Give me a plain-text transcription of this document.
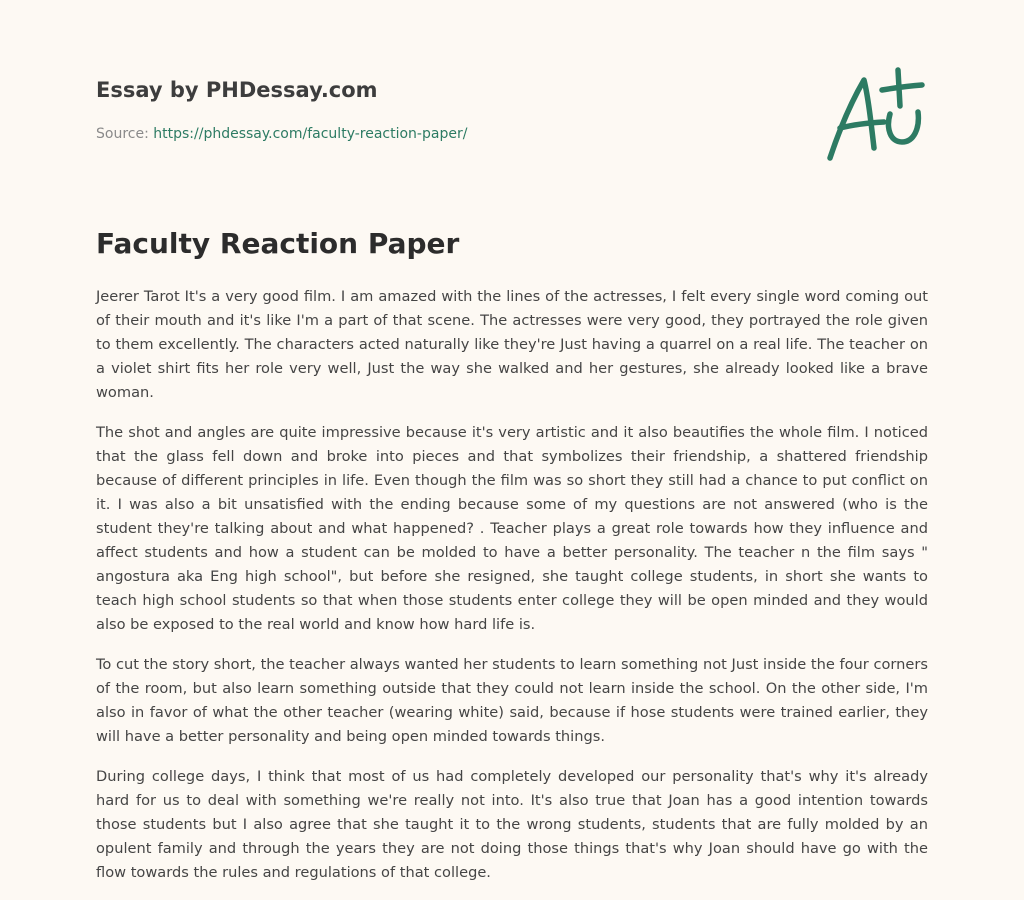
Essay by PHDessay.com

Source: https://phdessay.com/faculty-reaction-paper/
Faculty Reaction Paper

Jeerer Tarot It's a very good film. I am amazed with the lines of the actresses, I felt every single word coming out of their mouth and it's like I'm a part of that scene. The actresses were very good, they portrayed the role given to them excellently. The characters acted naturally like they're Just having a quarrel on a real life. The teacher on a violet shirt fits her role very well, Just the way she walked and her gestures, she already looked like a brave woman.

The shot and angles are quite impressive because it's very artistic and it also beautifies the whole film. I noticed that the glass fell down and broke into pieces and that symbolizes their friendship, a shattered friendship because of different principles in life. Even though the film was so short they still had a chance to put conflict on it. I was also a bit unsatisfied with the ending because some of my questions are not answered (who is the student they're talking about and what happened? . Teacher plays a great role towards how they influence and affect students and how a student can be molded to have a better personality. The teacher n the film says " angostura aka Eng high school", but before she resigned, she taught college students, in short she wants to teach high school students so that when those students enter college they will be open minded and they would also be exposed to the real world and know how hard life is.

To cut the story short, the teacher always wanted her students to learn something not Just inside the four corners of the room, but also learn something outside that they could not learn inside the school. On the other side, I'm also in favor of what the other teacher (wearing white) said, because if hose students were trained earlier, they will have a better personality and being open minded towards things.

During college days, I think that most of us had completely developed our personality that's why it's already hard for us to deal with something we're really not into. It's also true that Joan has a good intention towards those students but I also agree that she taught it to the wrong students, students that are fully molded by an opulent family and through the years they are not doing those things that's why Joan should have go with the flow towards the rules and regulations of that college.
